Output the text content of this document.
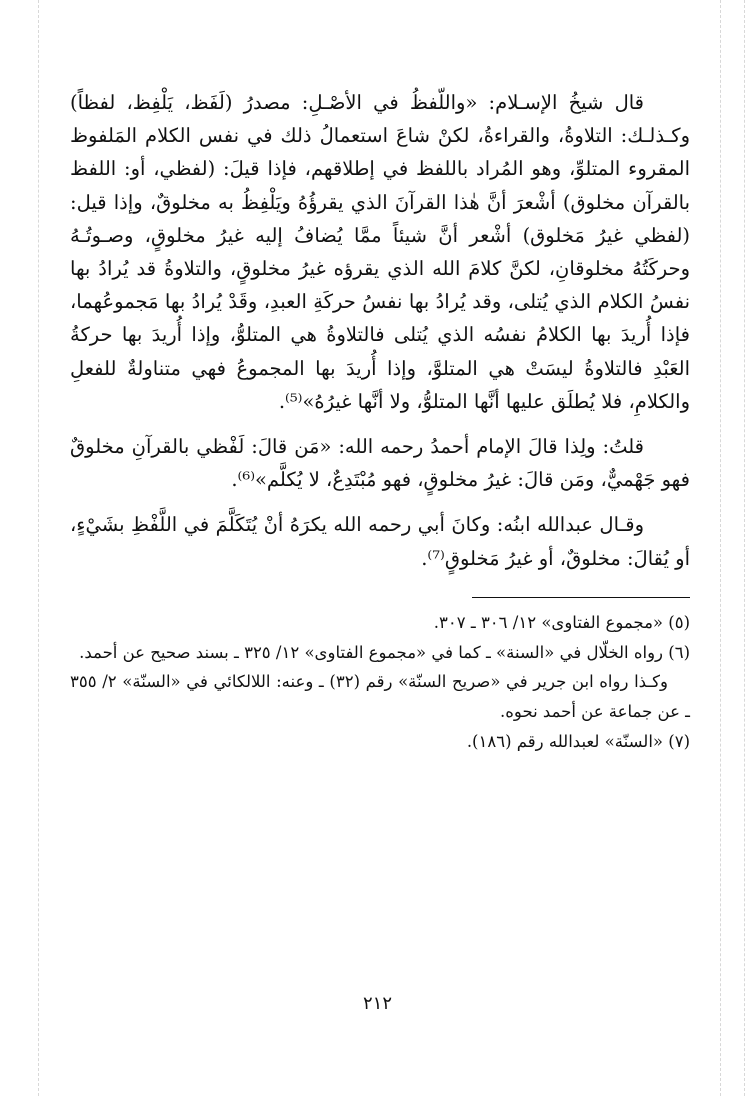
قال شيخُ الإسـلام: «واللّفظُ في الأصْـلِ: مصدرُ (لَفَظ، يَلْفِظ، لفظاً) وكـذلـك: التلاوةُ، والقراءةُ، لكنْ شاعَ استعمالُ ذلك في نفس الكلام المَلفوظ المقروء المتلوِّ، وهو المُراد باللفظ في إطلاقهم، فإذا قيلَ: (لفظي، أو: اللفظ بالقرآن مخلوق) أشْعرَ أنَّ هٰذا القرآنَ الذي يقرؤُهُ ويَلْفِظُ به مخلوقٌ، وإذا قيل: (لفظي غيرُ مَخلوق) أشْعر أنَّ شيئاً ممَّا يُضافُ إليه غيرُ مخلوقٍ، وصـوتُـهُ وحركَتُهُ مخلوقانِ، لكنَّ كلامَ الله الذي يقرؤه غيرُ مخلوقٍ، والتلاوةُ قد يُرادُ بها نفسُ الكلام الذي يُتلى، وقد يُرادُ بها نفسُ حركَةِ العبدِ، وقَدْ يُرادُ بها مَجموعُهما، فإذا أُريدَ بها الكلامُ نفسُه الذي يُتلى فالتلاوةُ هي المتلوُّ، وإذا أُريدَ بها حركةُ العَبْدِ فالتلاوةُ ليسَتْ هي المتلوَّ، وإذا أُريدَ بها المجموعُ فهي متناولةٌ للفعلِ والكلامِ، فلا يُطلَق عليها أنَّها المتلوُّ، ولا أنَّها غيرُهُ»⁽⁵⁾.

قلتُ: ولِذا قالَ الإمام أحمدُ رحمه الله: «مَن قالَ: لَفْظي بالقرآنِ مخلوقٌ فهو جَهْميٌّ، ومَن قالَ: غيرُ مخلوقٍ، فهو مُبْتَدِعٌ، لا يُكلَّم»⁽⁶⁾.

وقـال عبدالله ابنُه: وكانَ أبي رحمه الله يكرَهُ أنْ يُتَكَلَّمَ في اللَّفْظِ بشَيْءٍ، أو يُقالَ: مخلوقٌ، أو غيرُ مَخلوقٍ⁽⁷⁾.

(٥) «مجموع الفتاوى» ١٢/ ٣٠٦ ـ ٣٠٧.

(٦) رواه الخلّال في «السنة» ـ كما في «مجموع الفتاوى» ١٢/ ٣٢٥ ـ بسند صحيح عن أحمد.

وكـذا رواه ابن جرير في «صريح السنّة» رقم (٣٢) ـ وعنه: اللالكائي في «السنّة» ٢/ ٣٥٥ ـ عن جماعة عن أحمد نحوه.

(٧) «السنّة» لعبدالله رقم (١٨٦).

٢١٢
